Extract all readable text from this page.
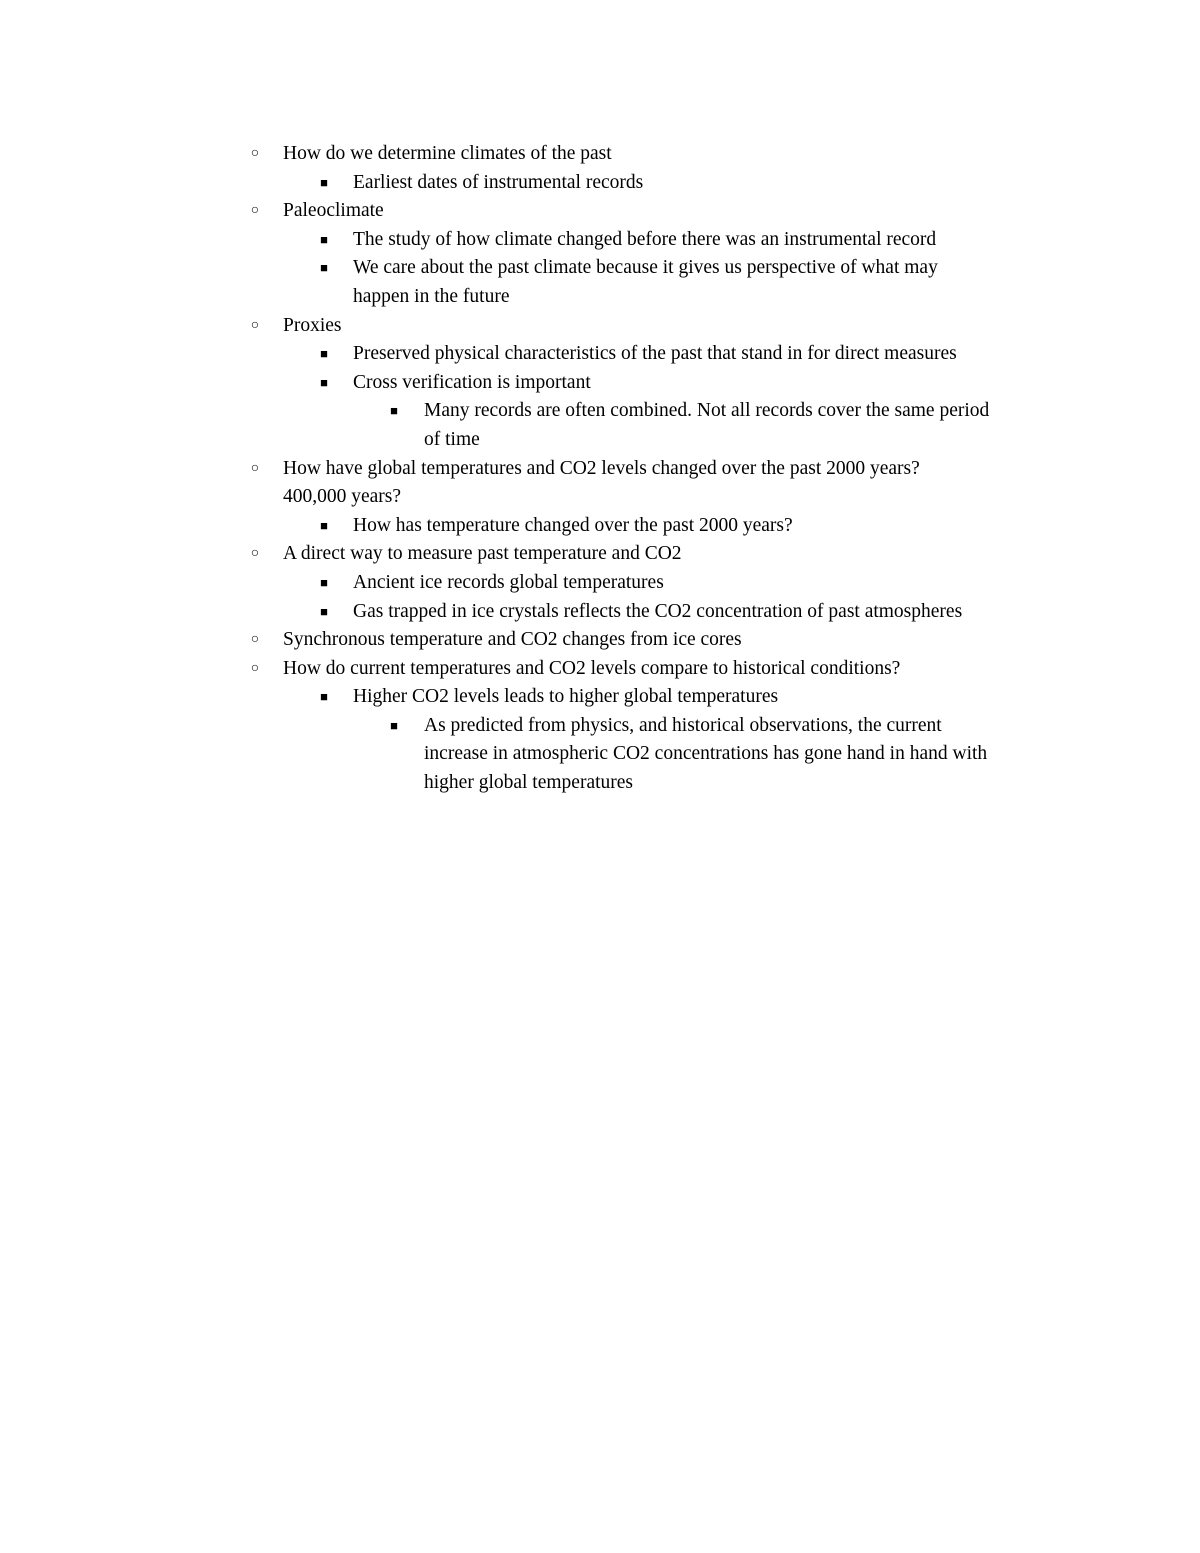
○ How do we determine climates of the past

■ Earliest dates of instrumental records

○ Paleoclimate

■ The study of how climate changed before there was an instrumental record

■ We care about the past climate because it gives us perspective of what may

happen in the future

○ Proxies

■ Preserved physical characteristics of the past that stand in for direct measures

■ Cross verification is important

■ Many records are often combined. Not all records cover the same period

of time

○ How have global temperatures and CO2 levels changed over the past 2000 years?

400,000 years?

■ How has temperature changed over the past 2000 years?

○ A direct way to measure past temperature and CO2

■ Ancient ice records global temperatures

■ Gas trapped in ice crystals reflects the CO2 concentration of past atmospheres

○ Synchronous temperature and CO2 changes from ice cores

○ How do current temperatures and CO2 levels compare to historical conditions?

■ Higher CO2 levels leads to higher global temperatures

■ As predicted from physics, and historical observations, the current

increase in atmospheric CO2 concentrations has gone hand in hand with

higher global temperatures
